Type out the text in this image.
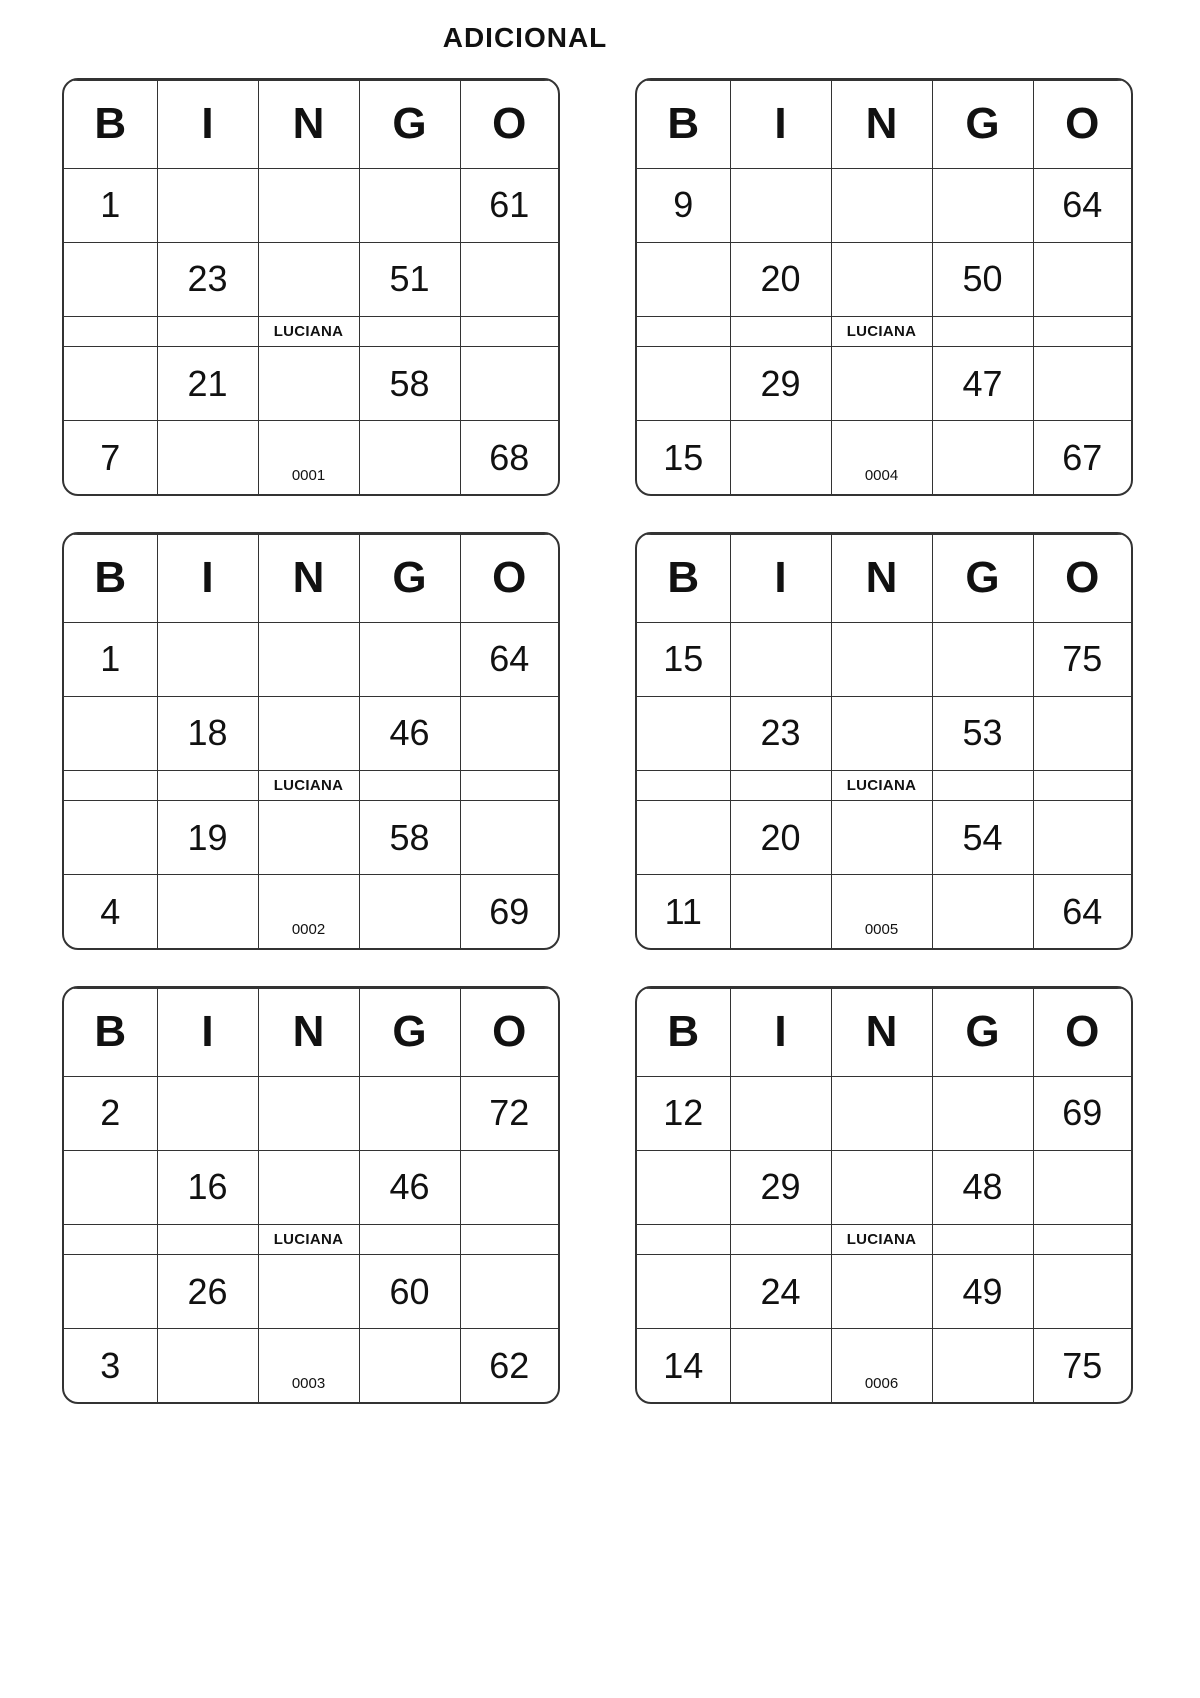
ADICIONAL
B	I	N	G	O
1				61
	23		51	
		LUCIANA		
	21		58	
7		0001		68
B	I	N	G	O
9				64
	20		50	
		LUCIANA		
	29		47	
15		0004		67
B	I	N	G	O
1				64
	18		46	
		LUCIANA		
	19		58	
4		0002		69
B	I	N	G	O
15				75
	23		53	
		LUCIANA		
	20		54	
11		0005		64
B	I	N	G	O
2				72
	16		46	
		LUCIANA		
	26		60	
3		0003		62
B	I	N	G	O
12				69
	29		48	
		LUCIANA		
	24		49	
14		0006		75
